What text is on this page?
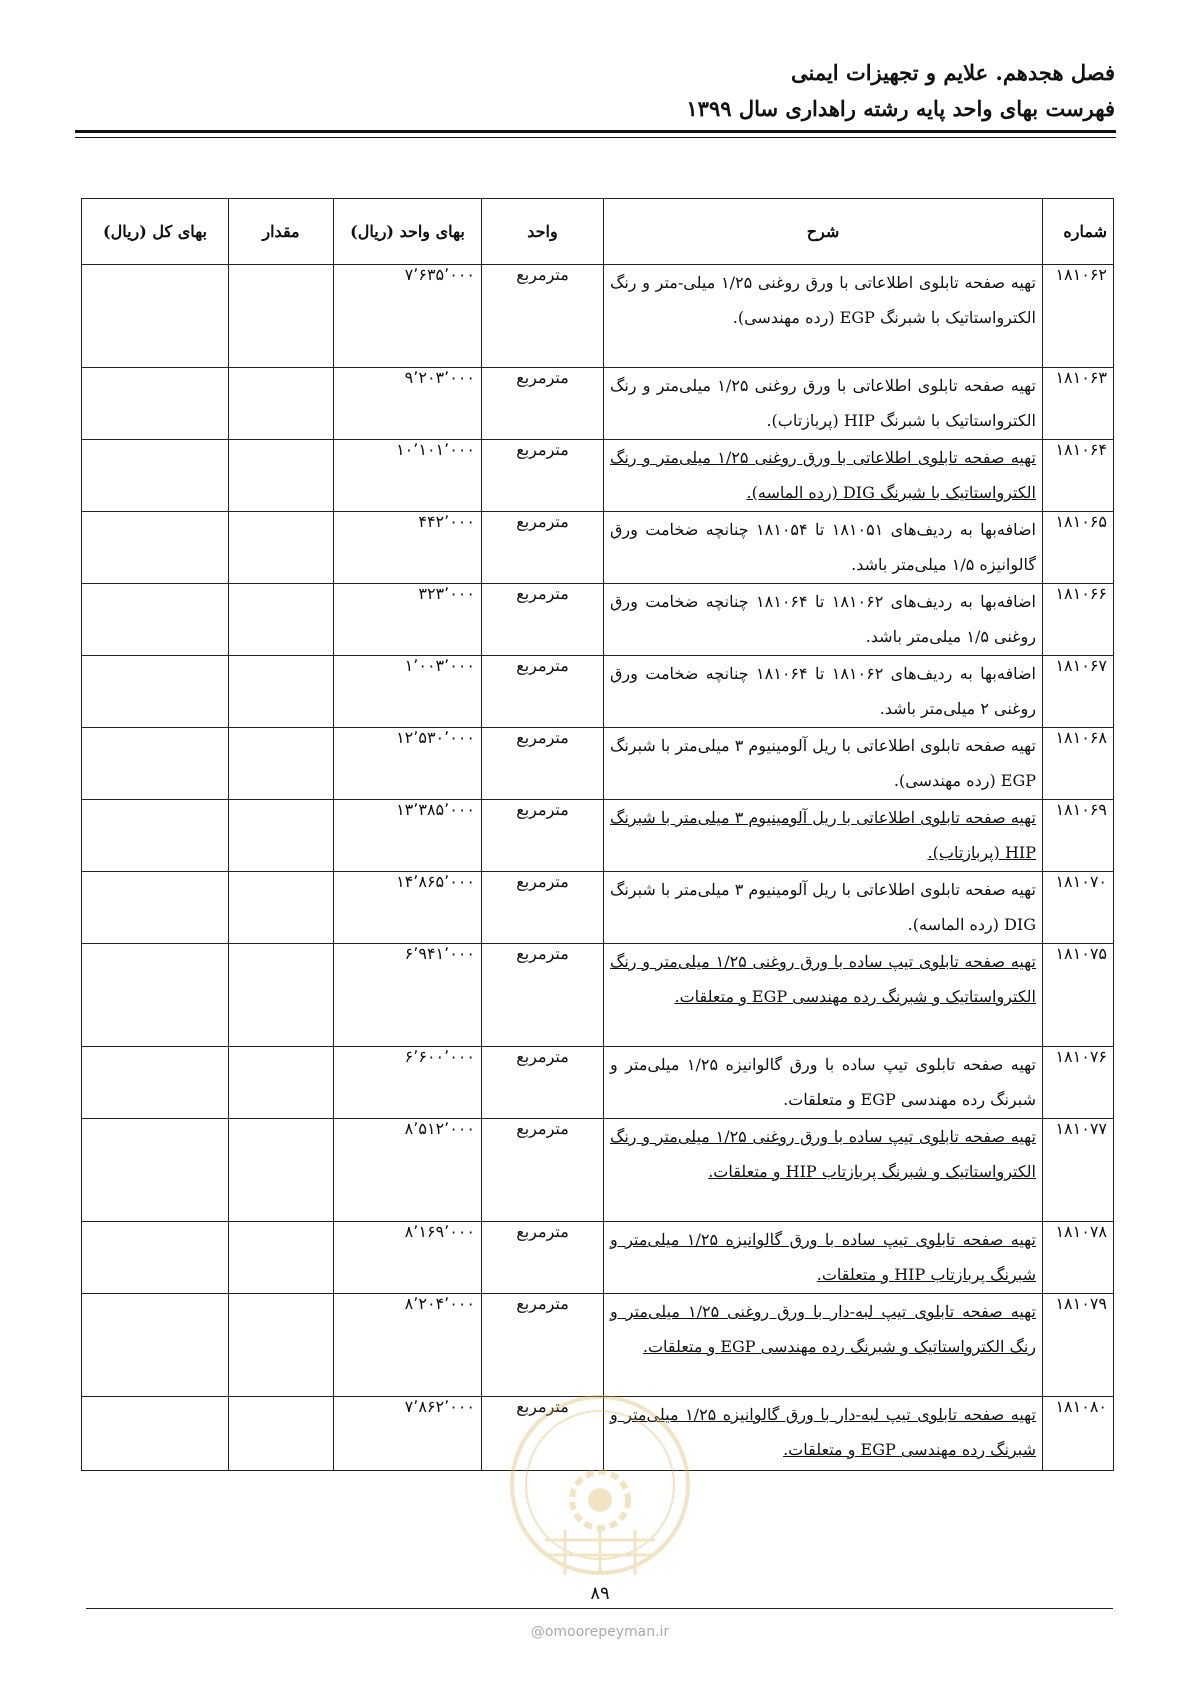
فصل هجدهم. علایم و تجهیزات ایمنی
فهرست بهای واحد پایه رشته راهداری سال ۱۳۹۹
شماره	شرح	واحد	بهای واحد (ریال)	مقدار	بهای کل (ریال)
۱۸۱۰۶۲	تهیه صفحه تابلوی اطلاعاتی با ورق روغنی ۱/۲۵ میلی-متر و رنگ الکترواستاتیک با شبرنگ EGP (رده مهندسی).	مترمربع	۷٬۶۳۵٬۰۰۰		
۱۸۱۰۶۳	تهیه صفحه تابلوی اطلاعاتی با ورق روغنی ۱/۲۵ میلی‌متر و رنگ الکترواستاتیک با شبرنگ HIP (پربازتاب).	مترمربع	۹٬۲۰۳٬۰۰۰		
۱۸۱۰۶۴	تهیه صفحه تابلوی اطلاعاتی با ورق روغنی ۱/۲۵ میلی‌متر و رنگ الکترواستاتیک با شبرنگ DIG (رده الماسه).	مترمربع	۱۰٬۱۰۱٬۰۰۰		
۱۸۱۰۶۵	اضافه‌بها به ردیف‌های ۱۸۱۰۵۱ تا ۱۸۱۰۵۴ چنانچه ضخامت ورق گالوانیزه ۱/۵ میلی‌متر باشد.	مترمربع	۴۴۲٬۰۰۰		
۱۸۱۰۶۶	اضافه‌بها به ردیف‌های ۱۸۱۰۶۲ تا ۱۸۱۰۶۴ چنانچه ضخامت ورق روغنی ۱/۵ میلی‌متر باشد.	مترمربع	۳۲۳٬۰۰۰		
۱۸۱۰۶۷	اضافه‌بها به ردیف‌های ۱۸۱۰۶۲ تا ۱۸۱۰۶۴ چنانچه ضخامت ورق روغنی ۲ میلی‌متر باشد.	مترمربع	۱٬۰۰۳٬۰۰۰		
۱۸۱۰۶۸	تهیه صفحه تابلوی اطلاعاتی با ریل آلومینیوم ۳ میلی‌متر با شبرنگ EGP (رده مهندسی).	مترمربع	۱۲٬۵۳۰٬۰۰۰		
۱۸۱۰۶۹	تهیه صفحه تابلوی اطلاعاتی با ریل آلومینیوم ۳ میلی‌متر با شبرنگ HIP (پربازتاب).	مترمربع	۱۳٬۳۸۵٬۰۰۰		
۱۸۱۰۷۰	تهیه صفحه تابلوی اطلاعاتی با ریل آلومینیوم ۳ میلی‌متر با شبرنگ DIG (رده الماسه).	مترمربع	۱۴٬۸۶۵٬۰۰۰		
۱۸۱۰۷۵	تهیه صفحه تابلوی تیپ ساده با ورق روغنی ۱/۲۵ میلی‌متر و رنگ الکترواستاتیک و شبرنگ رده مهندسی EGP و متعلقات.	مترمربع	۶٬۹۴۱٬۰۰۰		
۱۸۱۰۷۶	تهیه صفحه تابلوی تیپ ساده با ورق گالوانیزه ۱/۲۵ میلی‌متر و شبرنگ رده مهندسی EGP و متعلقات.	مترمربع	۶٬۶۰۰٬۰۰۰		
۱۸۱۰۷۷	تهیه صفحه تابلوی تیپ ساده با ورق روغنی ۱/۲۵ میلی‌متر و رنگ الکترواستاتیک و شبرنگ پربازتاب HIP و متعلقات.	مترمربع	۸٬۵۱۲٬۰۰۰		
۱۸۱۰۷۸	تهیه صفحه تابلوی تیپ ساده با ورق گالوانیزه ۱/۲۵ میلی‌متر و شبرنگ پربازتاب HIP و متعلقات.	مترمربع	۸٬۱۶۹٬۰۰۰		
۱۸۱۰۷۹	تهیه صفحه تابلوی تیپ لبه-دار با ورق روغنی ۱/۲۵ میلی‌متر و رنگ الکترواستاتیک و شبرنگ رده مهندسی EGP و متعلقات.	مترمربع	۸٬۲۰۴٬۰۰۰		
۱۸۱۰۸۰	تهیه صفحه تابلوی تیپ لبه-دار با ورق گالوانیزه ۱/۲۵ میلی‌متر و شبرنگ رده مهندسی EGP و متعلقات.	مترمربع	۷٬۸۶۲٬۰۰۰		
۸۹
@omoorepeyman.ir
